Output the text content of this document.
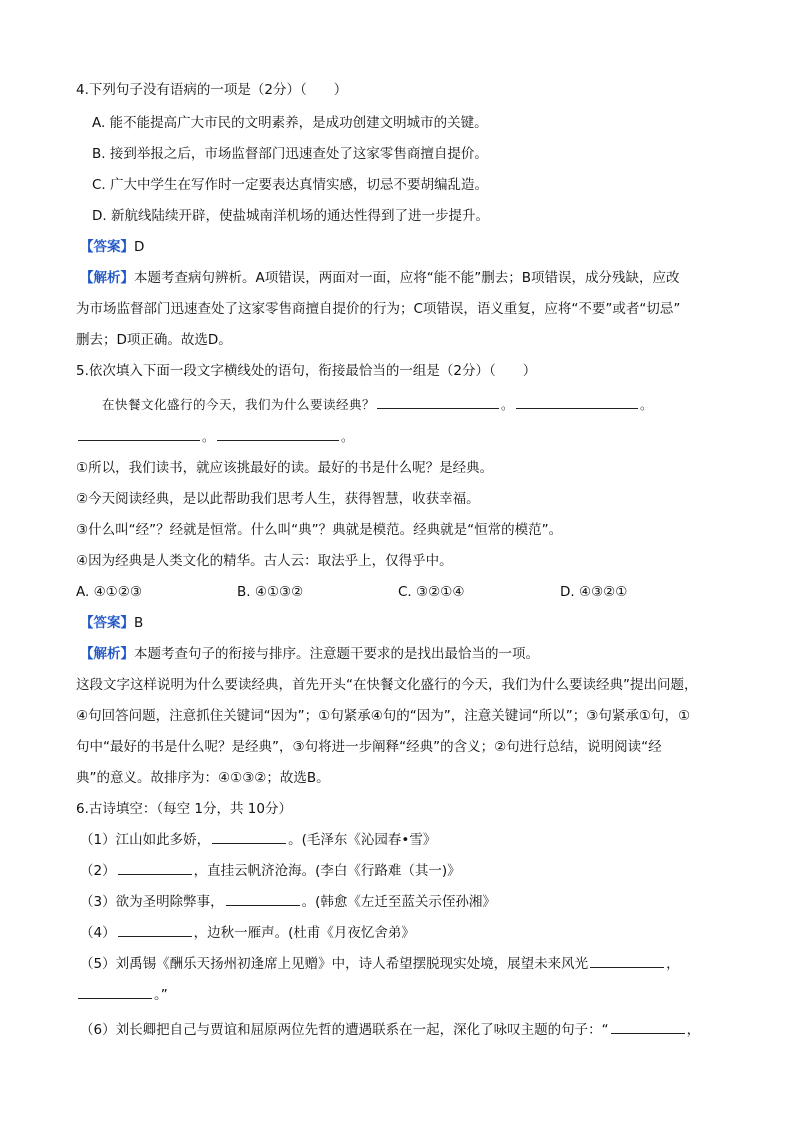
4.下列句子没有语病的一项是（2分）（　　）
A. 能不能提高广大市民的文明素养，是成功创建文明城市的关键。
B. 接到举报之后，市场监督部门迅速查处了这家零售商擅自提价。
C. 广大中学生在写作时一定要表达真情实感，切忌不要胡编乱造。
D. 新航线陆续开辟，使盐城南洋机场的通达性得到了进一步提升。
【答案】D
【解析】本题考查病句辨析。A项错误，两面对一面，应将“能不能”删去；B项错误，成分残缺，应改
为市场监督部门迅速查处了这家零售商擅自提价的行为；C项错误，语义重复，应将“不要”或者“切忌”
删去；D项正确。故选D。
5.依次填入下面一段文字横线处的语句，衔接最恰当的一组是（2分）（　　）
在快餐文化盛行的今天，我们为什么要读经典？	。	。
。	。
①所以，我们读书，就应该挑最好的读。最好的书是什么呢？是经典。
②今天阅读经典，是以此帮助我们思考人生，获得智慧，收获幸福。
③什么叫“经”？经就是恒常。什么叫“典”？典就是模范。经典就是“恒常的模范”。
④因为经典是人类文化的精华。古人云：取法乎上，仅得乎中。
A. ④①②③	B. ④①③②	C. ③②①④	D. ④③②①
【答案】B
【解析】本题考查句子的衔接与排序。注意题干要求的是找出最恰当的一项。
这段文字这样说明为什么要读经典，首先开头“在快餐文化盛行的今天，我们为什么要读经典”提出问题，
④句回答问题，注意抓住关键词“因为”；①句紧承④句的“因为”，注意关键词“所以”；③句紧承①句，①
句中“最好的书是什么呢？是经典”，③句将进一步阐释“经典”的含义；②句进行总结，说明阅读“经
典”的意义。故排序为：④①③②；故选B。
6.古诗填空：（每空 1分，共 10分）
（1）江山如此多娇，	。(毛泽东《沁园春•雪》
（2）	，直挂云帆济沧海。(李白《行路难（其一)》
（3）欲为圣明除弊事，	。(韩愈《左迁至蓝关示侄孙湘》
（4）	，边秋一雁声。(杜甫《月夜忆舍弟》
（5）刘禹锡《酬乐天扬州初逢席上见赠》中，诗人希望摆脱现实处境，展望未来风光	，
。”
（6）刘长卿把自己与贾谊和屈原两位先哲的遭遇联系在一起，深化了咏叹主题的句子：“	，
